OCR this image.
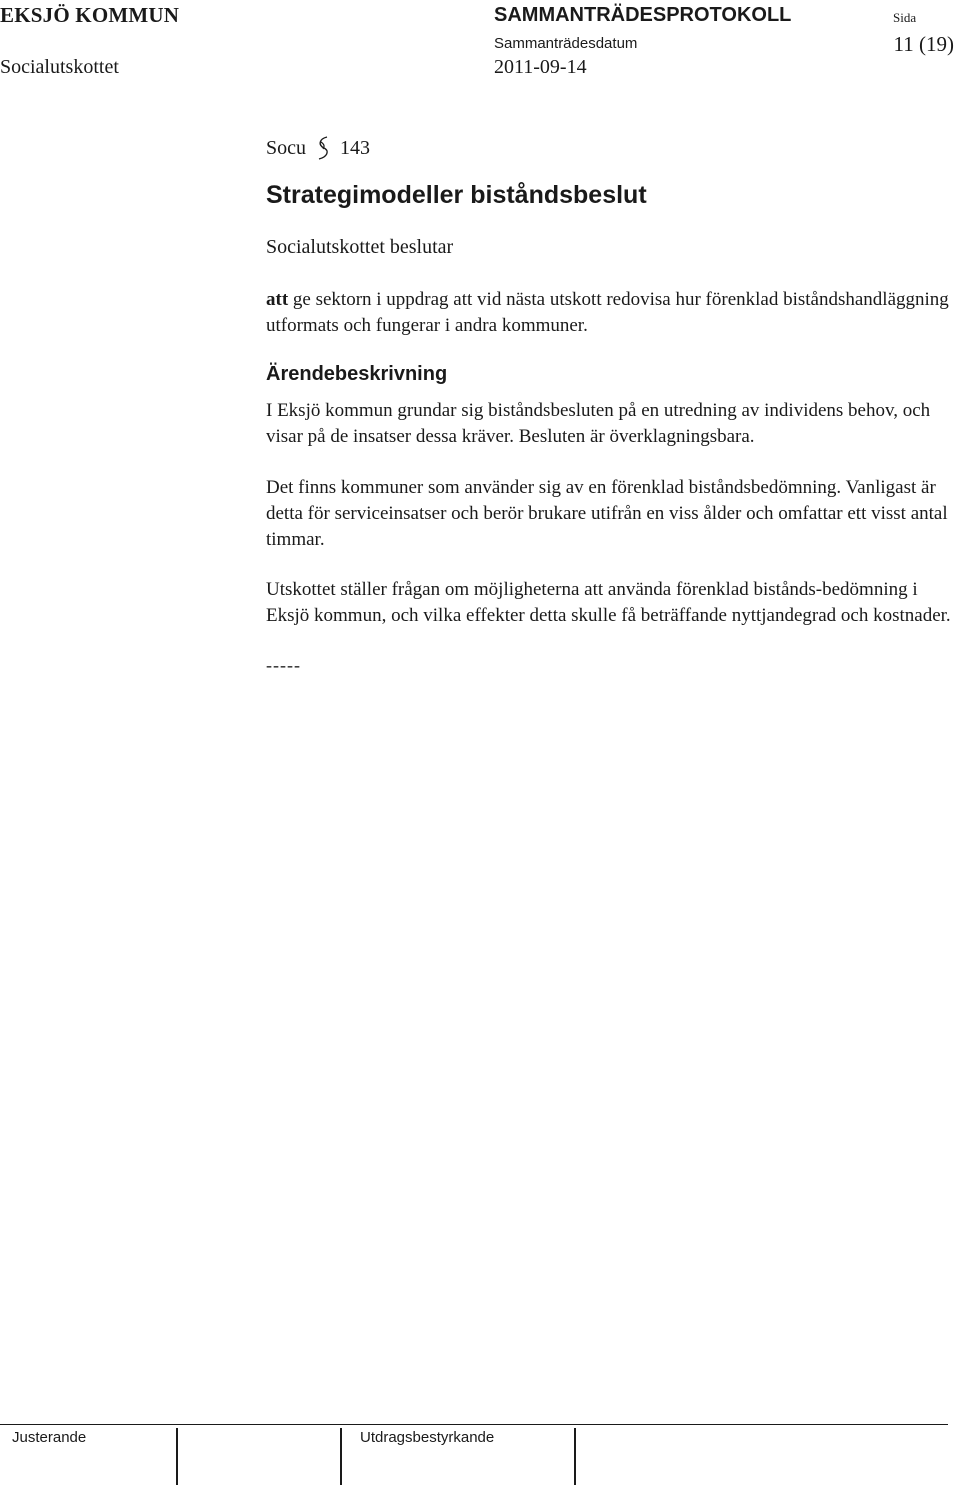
EKSJÖ KOMMUN	SAMMANTRÄDESPROTOKOLL	Sida
Socialutskottet
Sammanträdesdatum
2011-09-14
11 (19)
Socu 143
Strategimodeller biståndsbeslut
Socialutskottet beslutar
att ge sektorn i uppdrag att vid nästa utskott redovisa hur förenklad biståndshandläggning utformats och fungerar i andra kommuner.
Ärendebeskrivning
I Eksjö kommun grundar sig biståndsbesluten på en utredning av individens behov, och visar på de insatser dessa kräver. Besluten är överklagningsbara.
Det finns kommuner som använder sig av en förenklad biståndsbedömning. Vanligast är detta för serviceinsatser och berör brukare utifrån en viss ålder och omfattar ett visst antal timmar.
Utskottet ställer frågan om möjligheterna att använda förenklad bistånds-bedömning i Eksjö kommun, och vilka effekter detta skulle få beträffande nyttjandegrad och kostnader.
-----
Justerande	Utdragsbestyrkande
